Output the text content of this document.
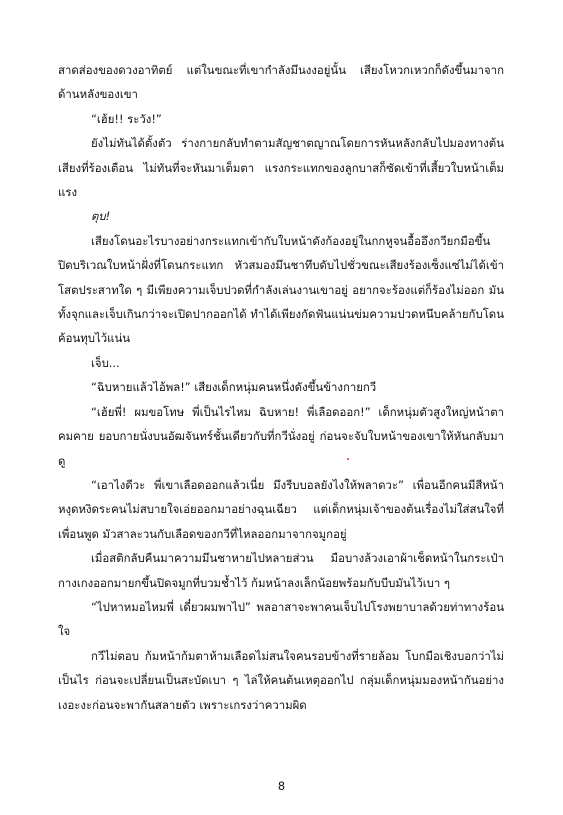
สาดส่องของดวงอาทิตย์ แต่ในขณะที่เขากำลังมึนงงอยู่นั้น เสียงโหวกเหวกก็ดังขึ้นมาจากด้านหลังของเขา

“เฮ้ย!! ระวัง!”

ยังไม่ทันได้ตั้งตัว ร่างกายกลับทำตามสัญชาตญาณโดยการหันหลังกลับไปมองทางต้นเสียงที่ร้องเตือน ไม่ทันที่จะหันมาเต็มตา แรงกระแทกของลูกบาสก็ซัดเข้าที่เสี้ยวใบหน้าเต็มแรง

ตุบ!

เสียงโดนอะไรบางอย่างกระแทกเข้ากับใบหน้าดังก้องอยู่ในกกหูจนอื้ออึงกวียกมือขึ้นปิดบริเวณใบหน้าฝั่งที่โดนกระแทก หัวสมองมึนชาทึบดับไปชั่วขณะเสียงร้องเซ็งแซ่ไม่ได้เข้าโสตประสาทใด ๆ มีเพียงความเจ็บปวดที่กำลังเล่นงานเขาอยู่ อยากจะร้องแต่ก็ร้องไม่ออก มันทั้งจุกและเจ็บเกินกว่าจะเปิดปากออกได้ ทำได้เพียงกัดฟันแน่นข่มความปวดหนึบคล้ายกับโดนค้อนทุบไว้แน่น

เจ็บ...

“ฉิบหายแล้วไอ้พล!” เสียงเด็กหนุ่มคนหนึ่งดังขึ้นข้างกายกวี

“เฮ้ยพี่! ผมขอโทษ พี่เป็นไรไหม ฉิบหาย! พี่เลือดออก!” เด็กหนุ่มตัวสูงใหญ่หน้าตาคมคาย ยอบกายนั่งบนอัฒจันทร์ชั้นเดียวกับที่กวีนั่งอยู่ ก่อนจะจับใบหน้าของเขาให้หันกลับมาดู

“เอาไงดีวะ พี่เขาเลือดออกแล้วเนี่ย มึงรีบบอลยังไงให้พลาดวะ” เพื่อนอีกคนมีสีหน้าหงุดหงิดระคนไม่สบายใจเอ่ยออกมาอย่างฉุนเฉียว แต่เด็กหนุ่มเจ้าของต้นเรื่องไม่ใส่สนใจที่เพื่อนพูด มัวสาละวนกับเลือดของกวีที่ไหลออกมาจากจมูกอยู่

เมื่อสติกลับคืนมาความมึนชาหายไปหลายส่วน มือบางล้วงเอาผ้าเช็ดหน้าในกระเป๋ากางเกงออกมายกขึ้นปิดจมูกที่บวมช้ำไว้ ก้มหน้าลงเล็กน้อยพร้อมกับบีบมันไว้เบา ๆ

“ไปหาหมอไหมพี่ เดี๋ยวผมพาไป” พลอาสาจะพาคนเจ็บไปโรงพยาบาลด้วยท่าทางร้อนใจ

กวีไม่ตอบ ก้มหน้าก้มตาห้ามเลือดไม่สนใจคนรอบข้างที่รายล้อม โบกมือเชิงบอกว่าไม่เป็นไร ก่อนจะเปลี่ยนเป็นสะบัดเบา ๆ ไล่ให้คนต้นเหตุออกไป กลุ่มเด็กหนุ่มมองหน้ากันอย่างเงอะงะก่อนจะพากันสลายตัว เพราะเกรงว่าความผิด

8
